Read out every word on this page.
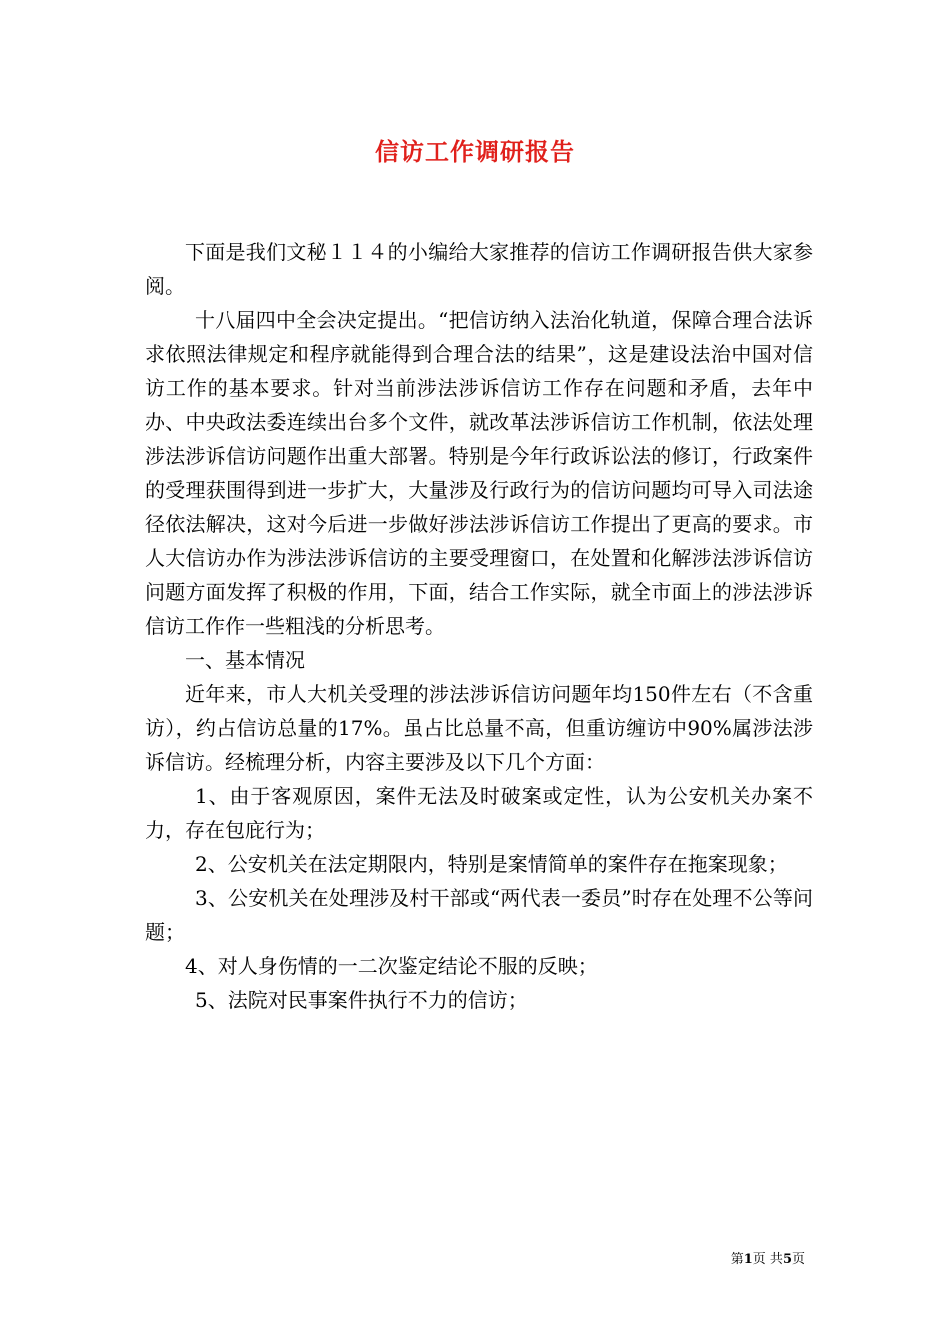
信访工作调研报告

下面是我们文秘１１４的小编给大家推荐的信访工作调研报告供大家参阅。

十八届四中全会决定提出。“把信访纳入法治化轨道，保障合理合法诉求依照法律规定和程序就能得到合理合法的结果”，这是建设法治中国对信访工作的基本要求。针对当前涉法涉诉信访工作存在问题和矛盾，去年中办、中央政法委连续出台多个文件，就改革法涉诉信访工作机制，依法处理涉法涉诉信访问题作出重大部署。特别是今年行政诉讼法的修订，行政案件的受理获围得到进一步扩大，大量涉及行政行为的信访问题均可导入司法途径依法解决，这对今后进一步做好涉法涉诉信访工作提出了更高的要求。市人大信访办作为涉法涉诉信访的主要受理窗口，在处置和化解涉法涉诉信访问题方面发挥了积极的作用，下面，结合工作实际，就全市面上的涉法涉诉信访工作作一些粗浅的分析思考。

一、基本情况

近年来，市人大机关受理的涉法涉诉信访问题年均150件左右（不含重访），约占信访总量的17%。虽占比总量不高，但重访缠访中90%属涉法涉诉信访。经梳理分析，内容主要涉及以下几个方面：

1、由于客观原因，案件无法及时破案或定性，认为公安机关办案不力，存在包庇行为；

2、公安机关在法定期限内，特别是案情简单的案件存在拖案现象；

3、公安机关在处理涉及村干部或“两代表一委员”时存在处理不公等问题；

4、对人身伤情的一二次鉴定结论不服的反映；

5、法院对民事案件执行不力的信访；

第1页 共5页
